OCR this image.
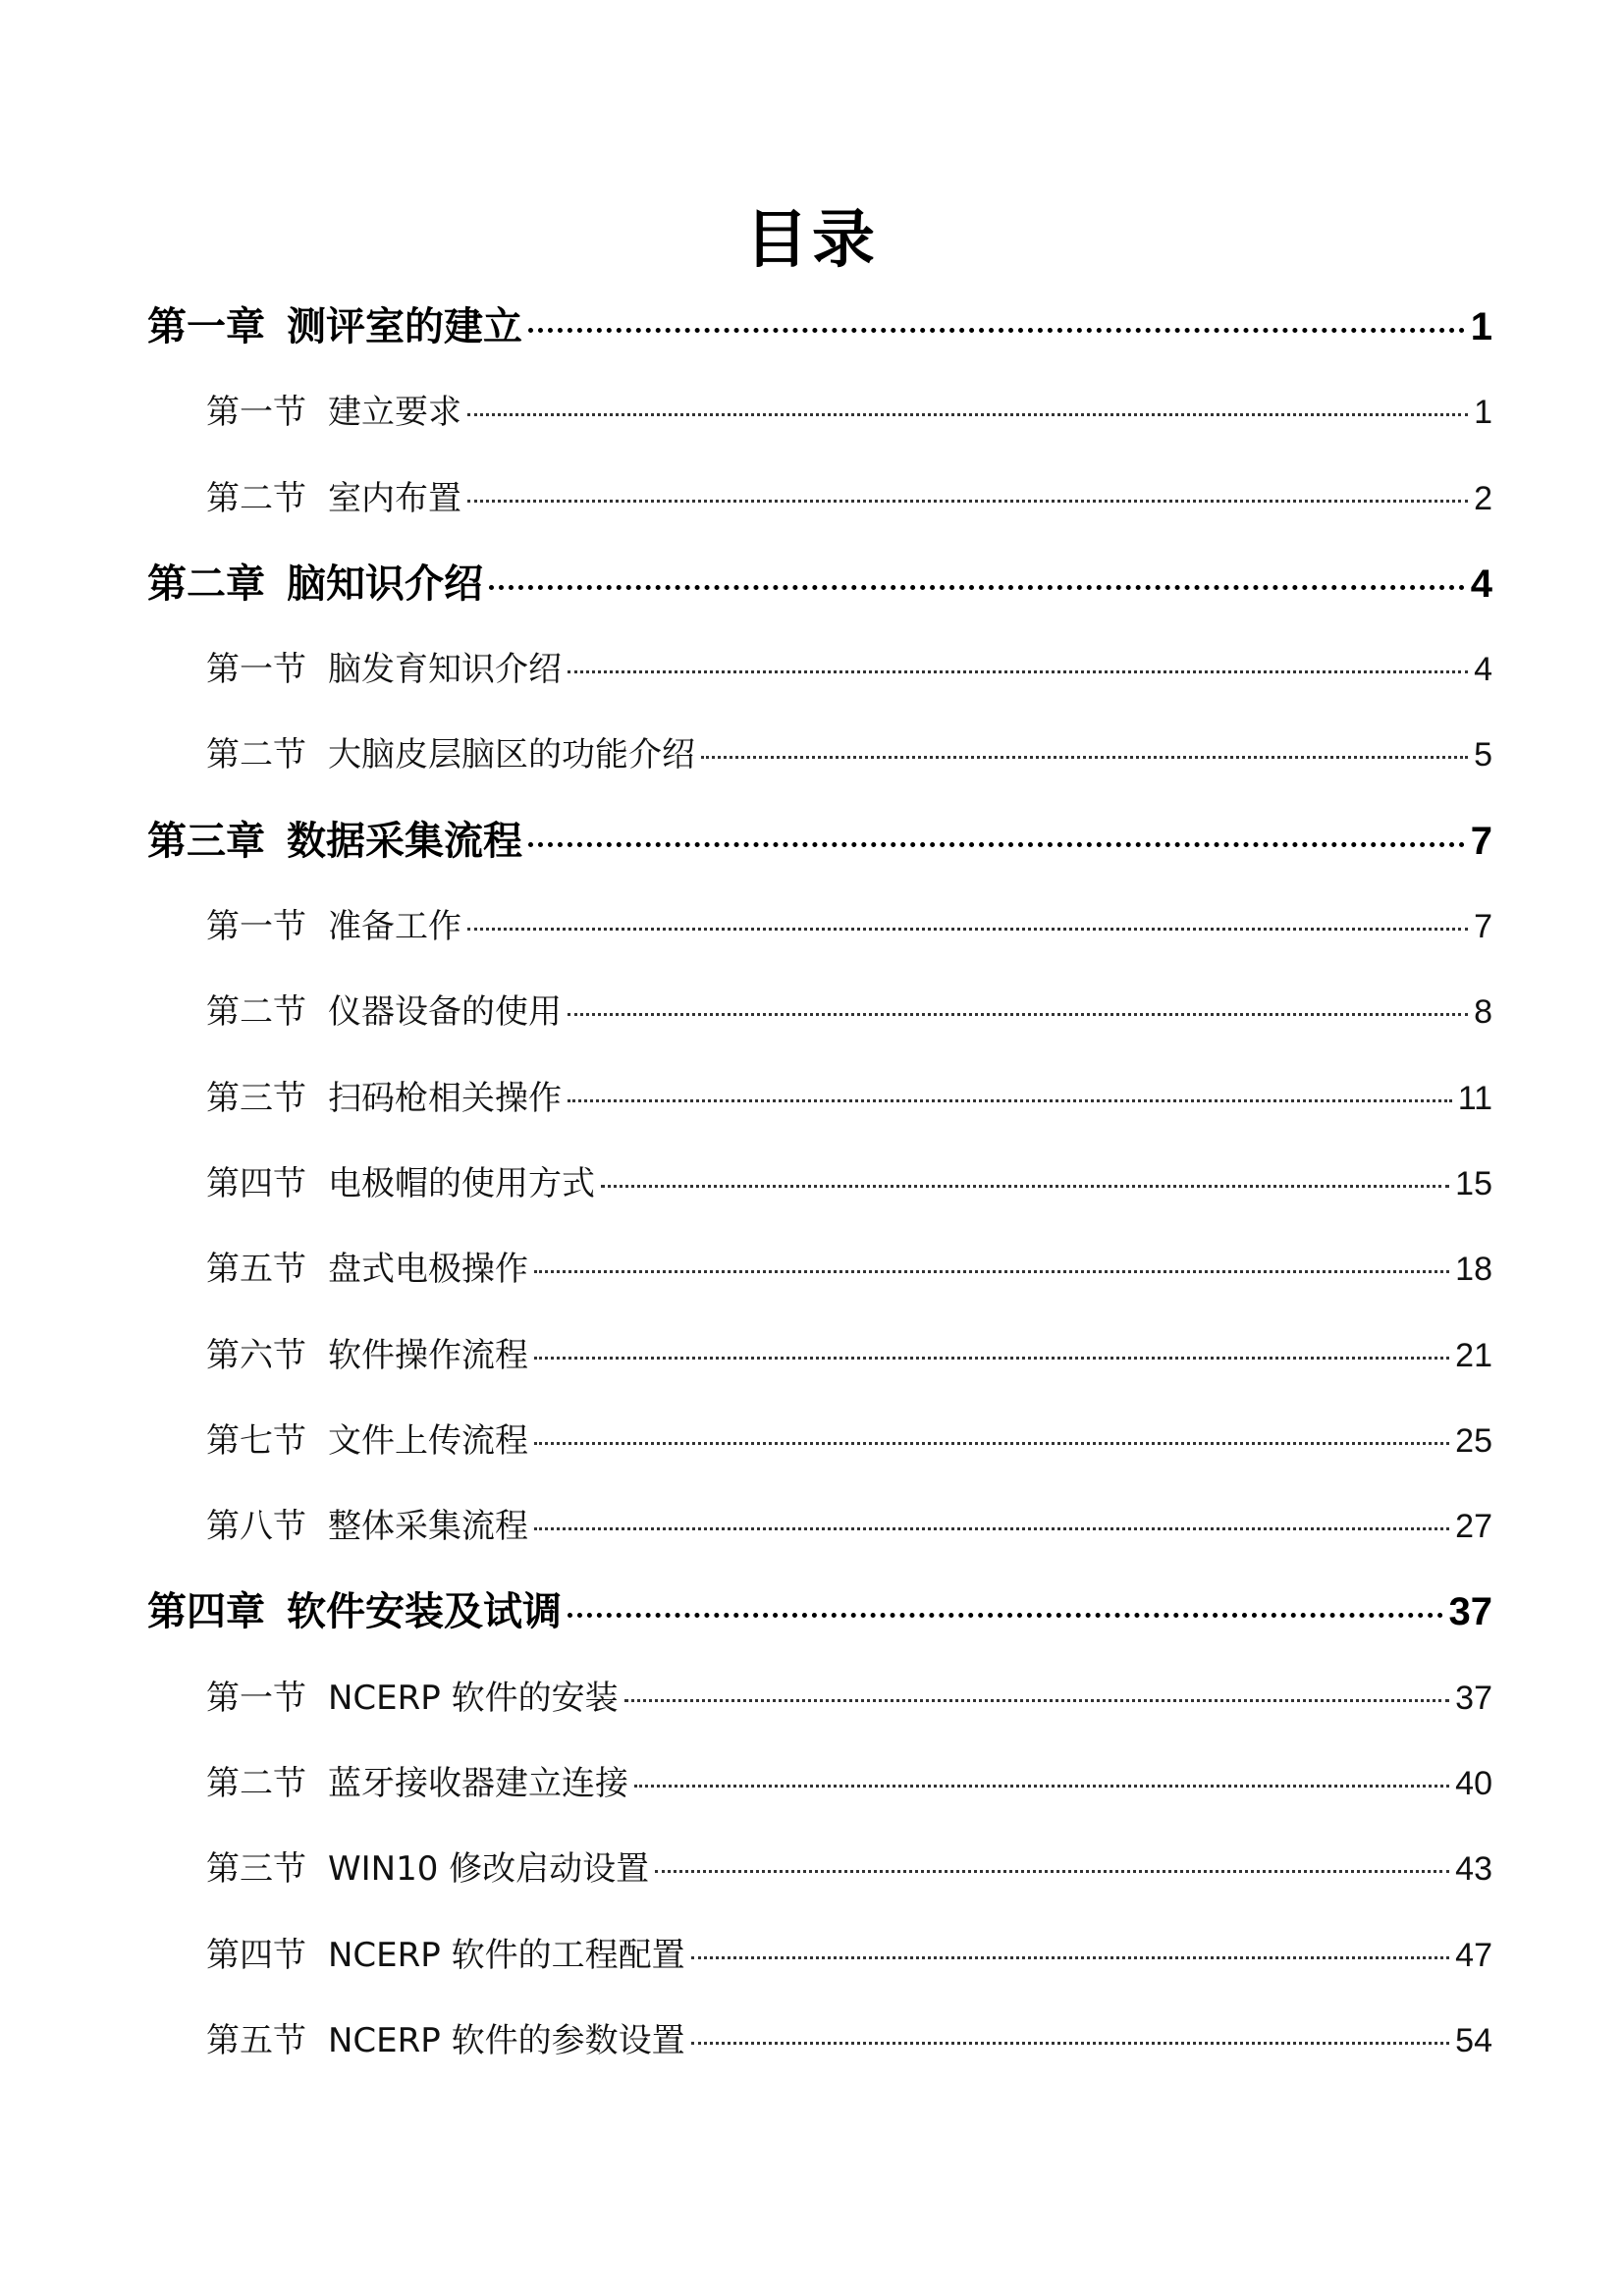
目录
第一章 测评室的建立	1
第一节 建立要求	1
第二节 室内布置	2
第二章 脑知识介绍	4
第一节 脑发育知识介绍	4
第二节 大脑皮层脑区的功能介绍	5
第三章 数据采集流程	7
第一节 准备工作	7
第二节 仪器设备的使用	8
第三节 扫码枪相关操作	11
第四节 电极帽的使用方式	15
第五节 盘式电极操作	18
第六节 软件操作流程	21
第七节 文件上传流程	25
第八节 整体采集流程	27
第四章 软件安装及试调	37
第一节 NCERP 软件的安装	37
第二节 蓝牙接收器建立连接	40
第三节 WIN10 修改启动设置	43
第四节 NCERP 软件的工程配置	47
第五节 NCERP 软件的参数设置	54
